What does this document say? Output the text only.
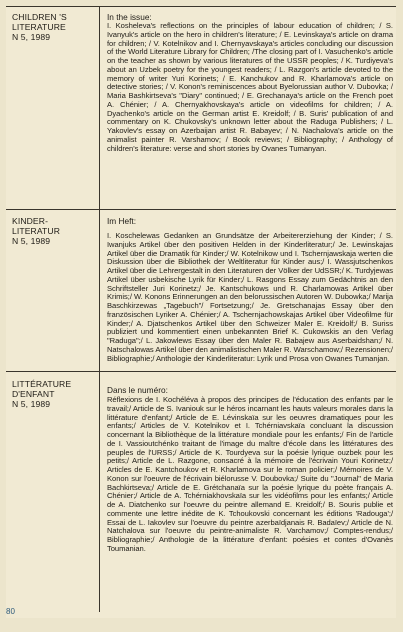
CHILDREN 'S
LITERATURE
N 5, 1989

In the issue:

I. Kosheleva's reflections on the principles of labour education of children; / S. Ivanyuk's article on the hero in children's literature; / E. Levinskaya's article on drama for children; / V. Kotelnikov and I. Chernyavskaya's articles concluding our discussion of the World Literature Library for Children; /The closing part of I. Vasuchenko's article on the teacher as shown by various literatures of the USSR peoples; / K. Turdiyeva's about an Uzbek poetry for the youngest readers; / L. Razgon's article devoted to the memory of writer Yuri Korinets; / E. Kanchukov and R. Kharlamova's article on detective stories; / V. Konon's reminiscences about Byelorussian author V. Dubovka; / Maria Bashkirtseva's "Diary" continued; / E. Grechanaya's article on the French poet A. Chénier; / A. Chernyakhovskaya's article on videofilms for children; / A. Dyachenko's article on the German artist E. Kreidolf; / B. Suris' publication of and commentary on K. Chukovsky's unknown letter about the Raduga Publishers; / L. Yakovlev's essay on Azerbaijan artist R. Babayev; / N. Nachalova's article on the animalist painter R. Varshamov; / Book reviews; / Bibliography; / Anthology of children's literature: verse and short stories by Ovanes Tumanyan.

KINDER-
LITERATUR
N 5, 1989

Im Heft:

I. Koschelewas Gedanken an Grundsätze der Arbeitererziehung der Kinder; / S. Iwanjuks Artikel über den positiven Helden in der Kinderliteratur;/ Je. Lewinskajas Artikel über die Dramatik für Kinder;/ W. Kotelnikow und I. Tschernjawskaja werten die Diskussion über die Bibliothek der Weltliteratur für Kinder aus;/ I. Wassjutschenkos Artikel über die Lehrergestalt in den Literaturen der Völker der UdSSR;/ K. Turdyjewas Artikel über usbekische Lyrik für Kinder;/ L. Rasgons Essay zum Gedächtnis an den Schriftsteller Juri Korinetz;/ Je. Kantschukows und R. Charlamowas Artikel über Krimis;/ W. Konons Erinnerungen an den belorussischen Autoren W. Dubowka;/ Marija Baschkirzewas „Tagebuch"/ Fortsetzung;/ Je. Gretschanajas Essay über den französischen Lyriker A. Chénier;/ A. Tschernjachowskajas Artikel über Videofilme für Kinder;/ A. Djatschenkos Artikel über den Schweizer Maler E. Kreidolf;/ B. Suriss publiziert und kommentiert einen unbekannten Brief K. Cukowskis an den Verlag "Raduga";/ L. Jakowlews Essay über den Maler R. Babajew aus Aserbaidshan;/ N. Natschalowas Artikel über den animalistischen Maler R. Warschamow;/ Rezensionen;/ Bibliographie;/ Anthologie der Kinderliteratur: Lyrik und Prosa von Owanes Tumanjan.

LITTÉRATURE
D'ENFANT
N 5, 1989

Dans le numéro:

Réflexions de I. Kochéléva à propos des principes de l'éducation des enfants par le travail;/ Article de S. Ivaniouk sur le héros incarnant les hauts valeurs morales dans la littérature d'enfant;/ Article de E. Lévinskaïa sur les oeuvres dramatiques pour les enfants;/ Articles de V. Kotelnikov et I. Tchérniavskaïa concluant la discussion concernant la Bibliothèque de la littérature mondiale pour les enfants;/ Fin de l'article de I. Vassioutchénko traitant de l'image du maître d'école dans les littératures des peuples de l'URSS;/ Article de K. Tourdyeva sur la poésie lyrique ouzbek pour les petits;/ Article de L. Razgone, consacré à la mémoire de l'écrivain Youri Korinetz;/ Articles de E. Kantchoukov et R. Kharlamova sur le roman policier;/ Mémoires de V. Konon sur l'oeuvre de l'écrivain biélorusse V. Doubovka;/ Suite du "Journal" de Maria Bachkirtseva;/ Article de E. Grétchanaïa sur la poésie lyrique du poète français A. Chénier;/ Article de A. Tchérniakhovskaïa sur les vidéofilms pour les enfants;/ Article de A. Diatchenko sur l'oeuvre du peintre allemand E. Kreidolf;/ B. Souris publie et commente une lettre inédite de K. Tchoukovski concernant les éditions 'Radouga';/ Essai de L. Iakovlev sur l'oeuvre du peintre azerbaïdjanais R. Badaïev;/ Article de N. Natchalova sur l'oeuvre du peintre-animaliste R. Varchamov;/ Comptes-rendus;/ Bibliographie;/ Anthologie de la littérature d'enfant: poésies et contes d'Ovanès Toumanian.

80
